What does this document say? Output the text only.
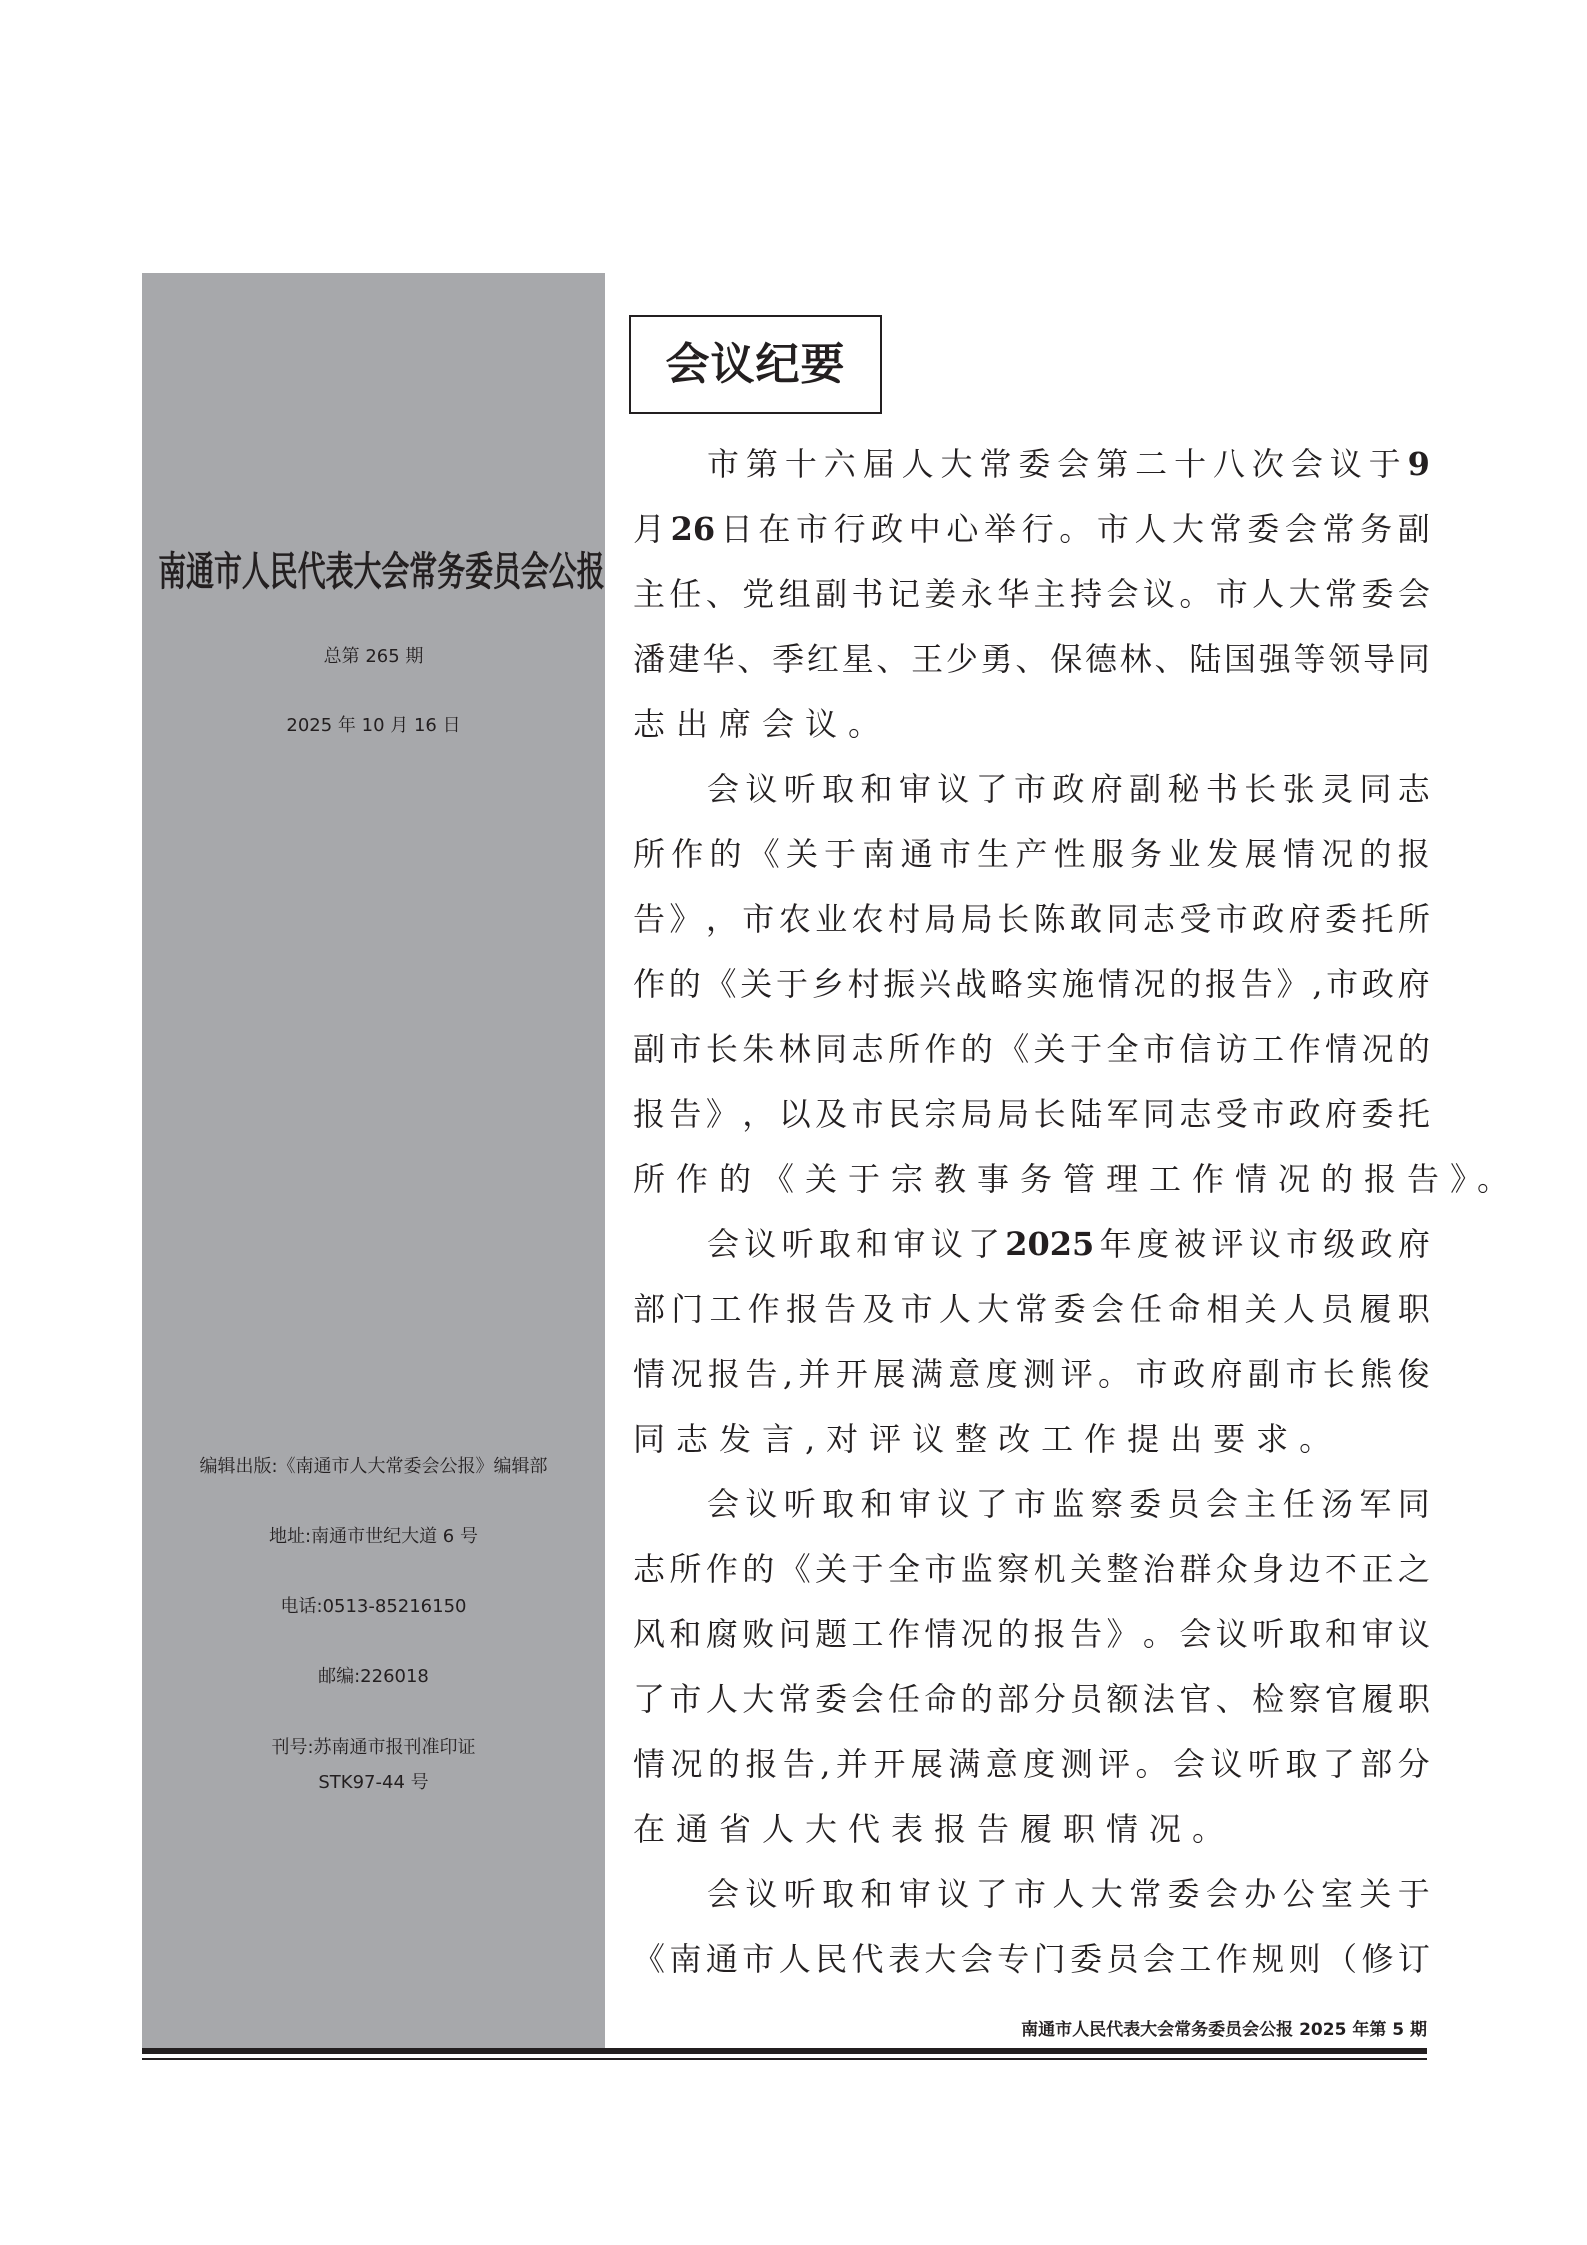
南通市人民代表大会常务委员会公报
总第 265 期
2025 年 10 月 16 日
编辑出版:《南通市人大常委会公报》编辑部
地址:南通市世纪大道 6 号
电话:0513-85216150
邮编:226018
刊号:苏南通市报刊准印证
STK97-44 号
会议纪要
市 第 十 六 届 人 大 常 委 会 第 二 十 八 次 会 议 于 9
月 26 日 在 市 行 政 中 心 举 行 。 市 人 大 常 委 会 常 务 副
主 任 、 党 组 副 书 记 姜 永 华 主 持 会 议 。 市 人 大 常 委 会
潘 建 华 、 季 红 星 、 王 少 勇 、 保 德 林 、 陆 国 强 等 领 导 同
志出席会议。
会 议 听 取 和 审 议 了 市 政 府 副 秘 书 长 张 灵 同 志
所 作 的 《 关 于 南 通 市 生 产 性 服 务 业 发 展 情 况 的 报
告 》 ， 市 农 业 农 村 局 局 长 陈 敢 同 志 受 市 政 府 委 托 所
作 的 《 关 于 乡 村 振 兴 战 略 实 施 情 况 的 报 告 》 , 市 政 府
副 市 长 朱 林 同 志 所 作 的 《 关 于 全 市 信 访 工 作 情 况 的
报 告 》 ， 以 及 市 民 宗 局 局 长 陆 军 同 志 受 市 政 府 委 托
所作的《关于宗教事务管理工作情况的报告》。
会 议 听 取 和 审 议 了 2025 年 度 被 评 议 市 级 政 府
部 门 工 作 报 告 及 市 人 大 常 委 会 任 命 相 关 人 员 履 职
情 况 报 告 , 并 开 展 满 意 度 测 评 。 市 政 府 副 市 长 熊 俊
同志发言,对评议整改工作提出要求。
会 议 听 取 和 审 议 了 市 监 察 委 员 会 主 任 汤 军 同
志 所 作 的 《 关 于 全 市 监 察 机 关 整 治 群 众 身 边 不 正 之
风 和 腐 败 问 题 工 作 情 况 的 报 告 》 。 会 议 听 取 和 审 议
了 市 人 大 常 委 会 任 命 的 部 分 员 额 法 官 、 检 察 官 履 职
情 况 的 报 告 , 并 开 展 满 意 度 测 评 。 会 议 听 取 了 部 分
在通省人大代表报告履职情况。
会 议 听 取 和 审 议 了 市 人 大 常 委 会 办 公 室 关 于
《 南 通 市 人 民 代 表 大 会 专 门 委 员 会 工 作 规 则 （ 修 订
南通市人民代表大会常务委员会公报 2025 年第 5 期
